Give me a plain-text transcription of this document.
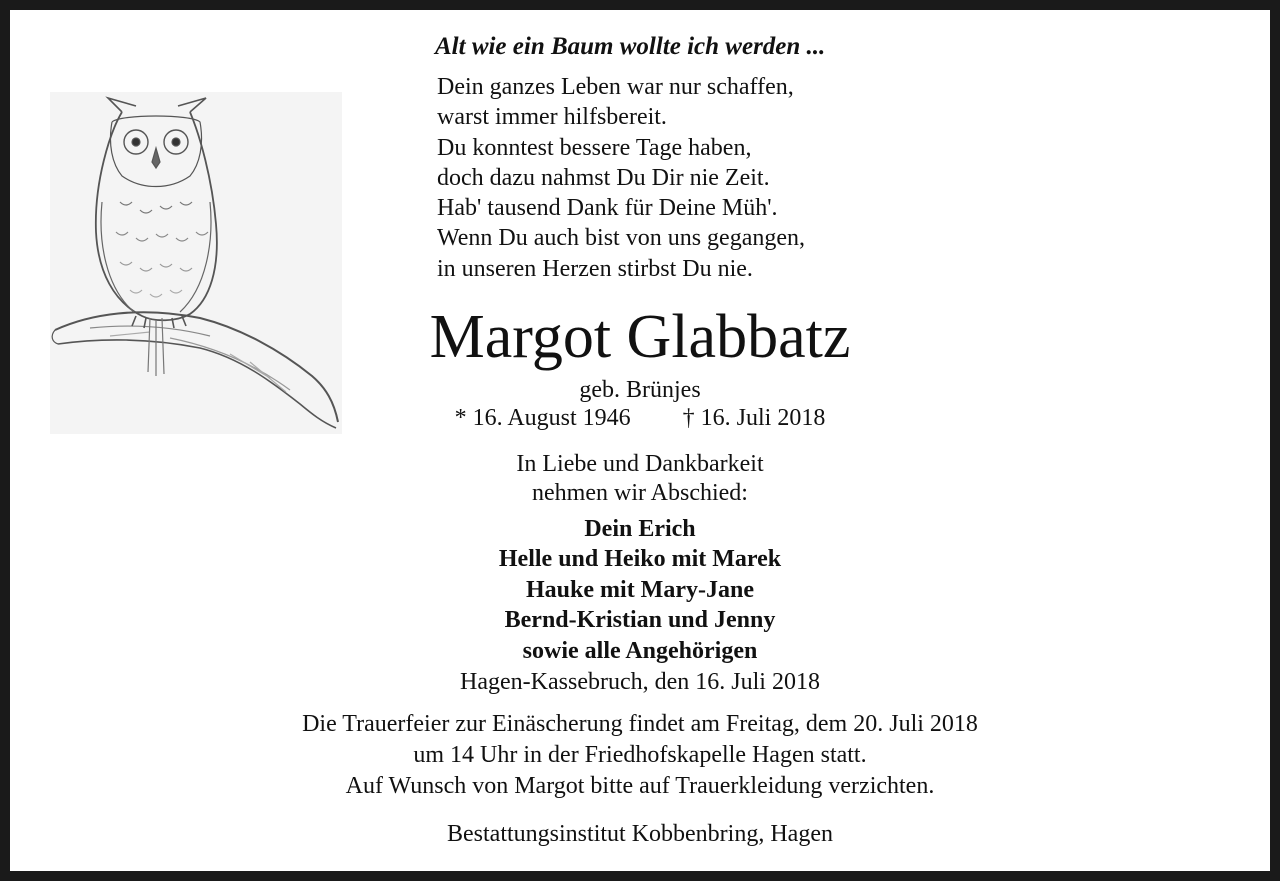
Alt wie ein Baum wollte ich werden ...
Dein ganzes Leben war nur schaffen,
warst immer hilfsbereit.
Du konntest bessere Tage haben,
doch dazu nahmst Du Dir nie Zeit.
Hab' tausend Dank für Deine Müh'.
Wenn Du auch bist von uns gegangen,
in unseren Herzen stirbst Du nie.
Margot Glabbatz
geb. Brünjes
* 16. August 1946 † 16. Juli 2018
In Liebe und Dankbarkeit
nehmen wir Abschied:
Dein Erich
Helle und Heiko mit Marek
Hauke mit Mary-Jane
Bernd-Kristian und Jenny
sowie alle Angehörigen
Hagen-Kassebruch, den 16. Juli 2018
Die Trauerfeier zur Einäscherung findet am Freitag, dem 20. Juli 2018
um 14 Uhr in der Friedhofskapelle Hagen statt.
Auf Wunsch von Margot bitte auf Trauerkleidung verzichten.
Bestattungsinstitut Kobbenbring, Hagen
